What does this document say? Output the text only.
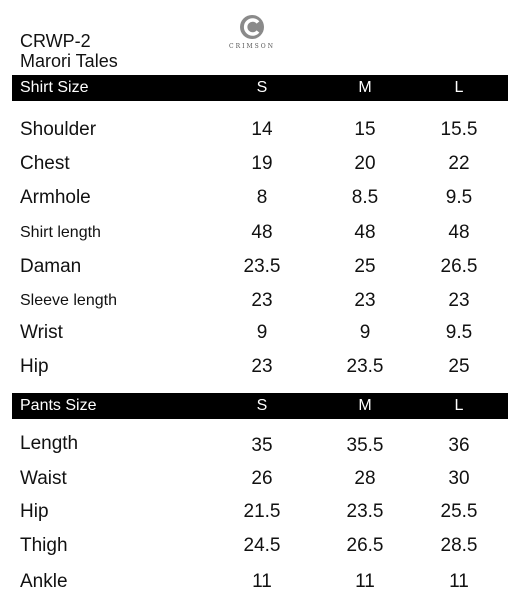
CRWP-2
Marori Tales
CRIMSON
Shirt Size	S	M	L
Shoulder	14	15	15.5
Chest	19	20	22
Armhole	8	8.5	9.5
Shirt length	48	48	48
Daman	23.5	25	26.5
Sleeve length	23	23	23
Wrist	9	9	9.5
Hip	23	23.5	25
Pants Size	S	M	L
Length	35	35.5	36
Waist	26	28	30
Hip	21.5	23.5	25.5
Thigh	24.5	26.5	28.5
Ankle	11	11	11
